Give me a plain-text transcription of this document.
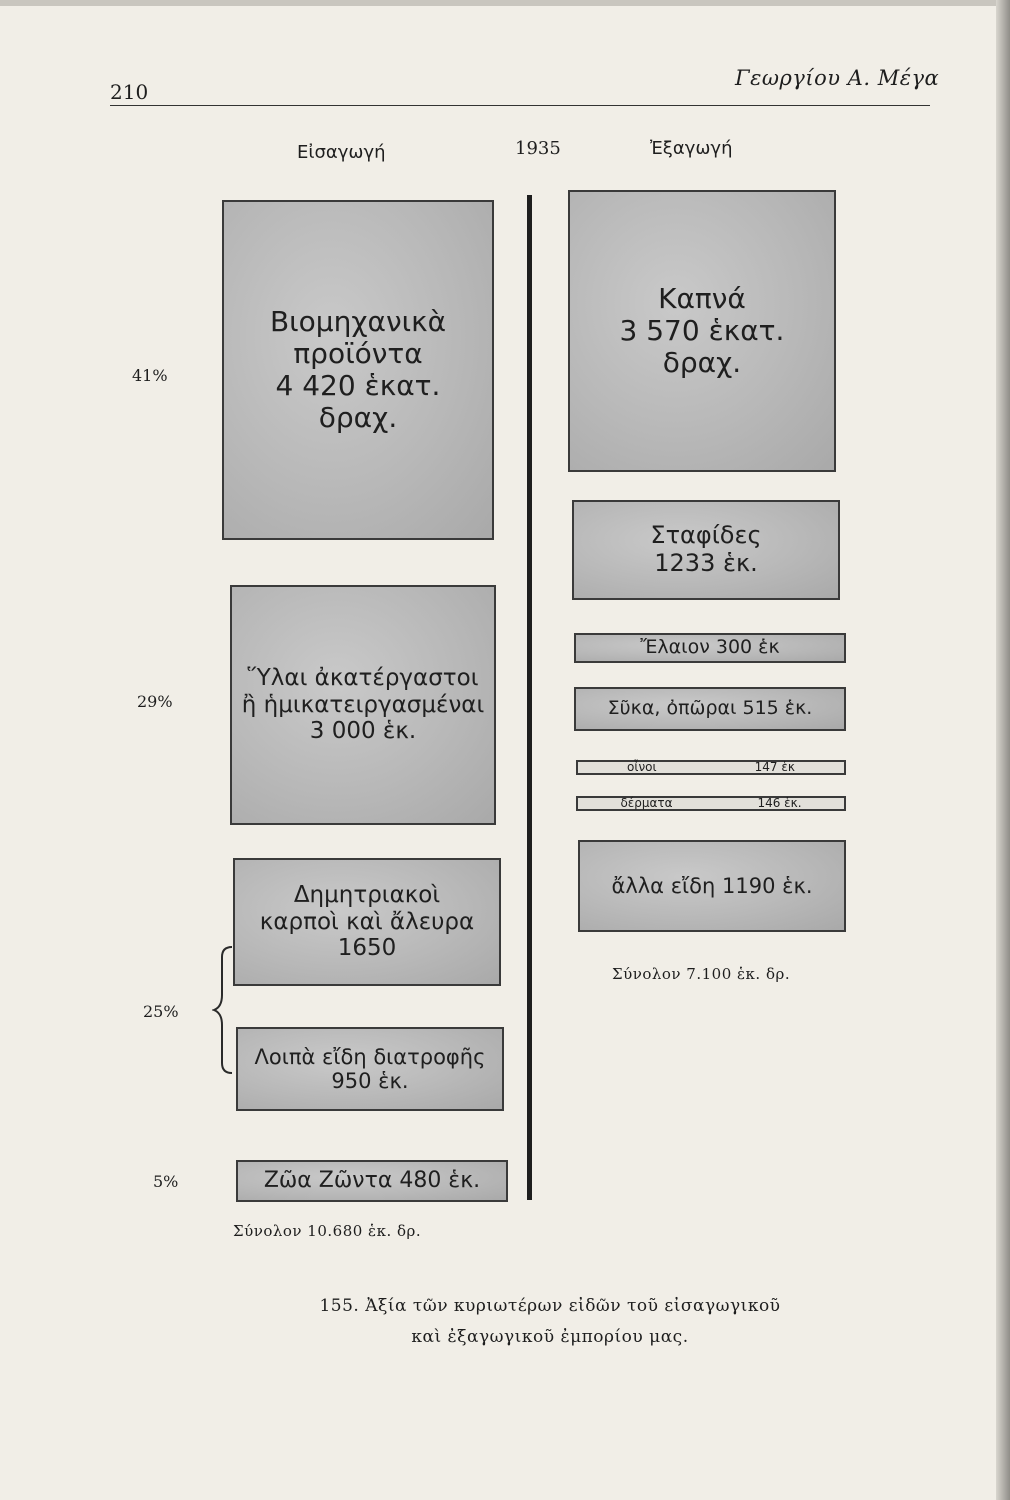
210
Γεωργίου Α. Μέγα
Εἰσαγωγή	1935	Ἐξαγωγή
Βιομηχανικὰ
προϊόντα
4 420 ἑκατ.
δραχ.
Ὕλαι ἀκατέργαστοι
ἢ ἡμικατειργασμέναι
3 000 ἑκ.
Δημητριακοὶ
καρποὶ καὶ ἄλευρα
1650
Λοιπὰ εἴδη διατροφῆς
950 ἑκ.
Ζῶα Ζῶντα 480 ἑκ.
41%
29%
25%
5%
Σύνολον 10.680 ἑκ. δρ.
Καπνά
3 570 ἑκατ.
δραχ.
Σταφίδες
1233 ἑκ.
Ἔλαιον 300 ἑκ
Σῦκα, ὀπῶραι 515 ἑκ.
οἶνοι	147 ἑκ
δέρματα	146 ἑκ.
ἄλλα εἴδη 1190 ἑκ.
Σύνολον 7.100 ἑκ. δρ.
155. Ἀξία τῶν κυριωτέρων εἰδῶν τοῦ εἰσαγωγικοῦ
καὶ ἐξαγωγικοῦ ἐμπορίου μας.
